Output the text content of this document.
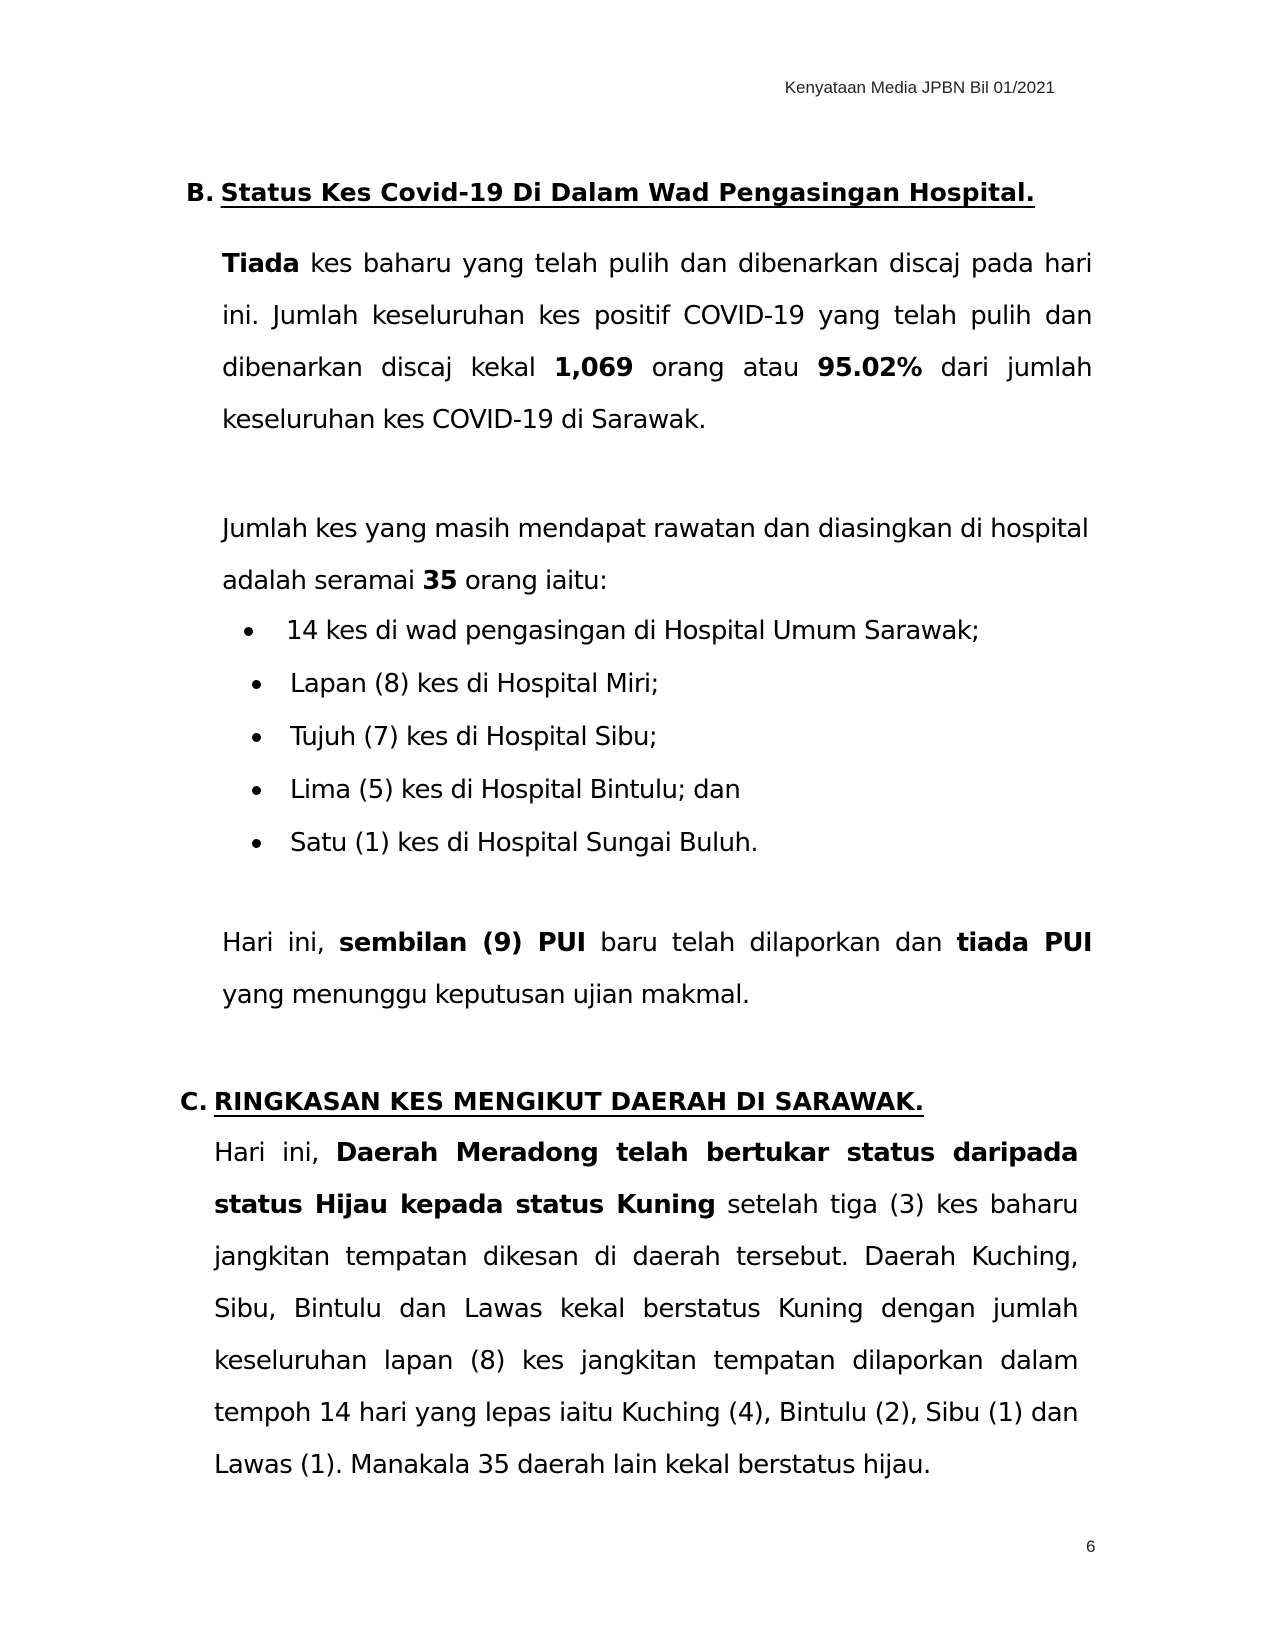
Kenyataan Media JPBN Bil 01/2021
B. Status Kes Covid-19 Di Dalam Wad Pengasingan Hospital.
Tiada kes baharu yang telah pulih dan dibenarkan discaj pada hari ini. Jumlah keseluruhan kes positif COVID-19 yang telah pulih dan dibenarkan discaj kekal 1,069 orang atau 95.02% dari jumlah keseluruhan kes COVID-19 di Sarawak.
Jumlah kes yang masih mendapat rawatan dan diasingkan di hospital adalah seramai 35 orang iaitu:
14 kes di wad pengasingan di Hospital Umum Sarawak;
Lapan (8) kes di Hospital Miri;
Tujuh (7) kes di Hospital Sibu;
Lima (5) kes di Hospital Bintulu; dan
Satu (1) kes di Hospital Sungai Buluh.
Hari ini, sembilan (9) PUI baru telah dilaporkan dan tiada PUI yang menunggu keputusan ujian makmal.
C. RINGKASAN KES MENGIKUT DAERAH DI SARAWAK.
Hari ini, Daerah Meradong telah bertukar status daripada status Hijau kepada status Kuning setelah tiga (3) kes baharu jangkitan tempatan dikesan di daerah tersebut. Daerah Kuching, Sibu, Bintulu dan Lawas kekal berstatus Kuning dengan jumlah keseluruhan lapan (8) kes jangkitan tempatan dilaporkan dalam tempoh 14 hari yang lepas iaitu Kuching (4), Bintulu (2), Sibu (1) dan Lawas (1). Manakala 35 daerah lain kekal berstatus hijau.
6
